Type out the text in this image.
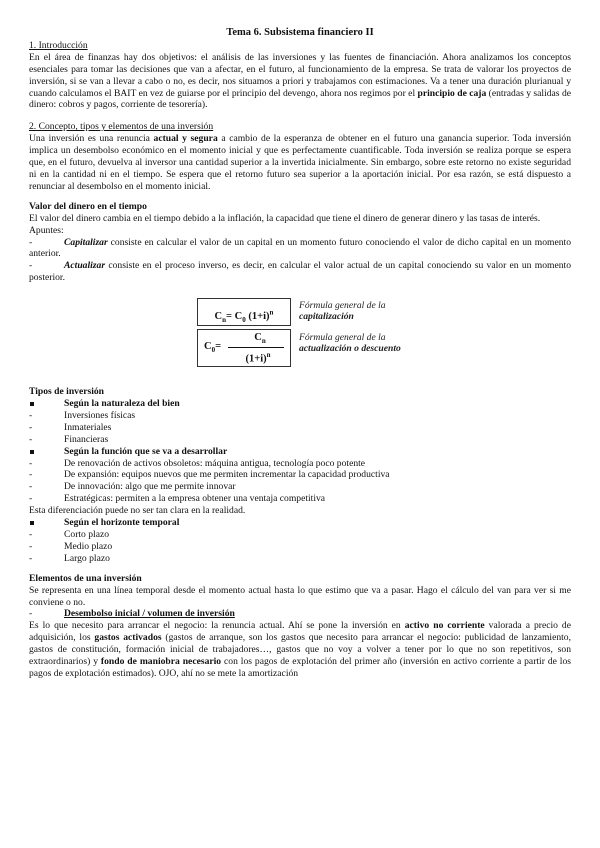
Tema 6. Subsistema financiero II
1. Introducción

En el área de finanzas hay dos objetivos: el análisis de las inversiones y las fuentes de financiación. Ahora analizamos los conceptos esenciales para tomar las decisiones que van a afectar, en el futuro, al funcionamiento de la empresa. Se trata de valorar los proyectos de inversión, si se van a llevar a cabo o no, es decir, nos situamos a priori y trabajamos con estimaciones. Va a tener una duración plurianual y cuando calculamos el BAIT en vez de guiarse por el principio del devengo, ahora nos regimos por el principio de caja (entradas y salidas de dinero: cobros y pagos, corriente de tesorería).

2. Concepto, tipos y elementos de una inversión

Una inversión es una renuncia actual y segura a cambio de la esperanza de obtener en el futuro una ganancia superior. Toda inversión implica un desembolso económico en el momento inicial y que es perfectamente cuantificable. Toda inversión se realiza porque se espera que, en el futuro, devuelva al inversor una cantidad superior a la invertida inicialmente. Sin embargo, sobre este retorno no existe seguridad ni en la cantidad ni en el tiempo. Se espera que el retorno futuro sea superior a la aportación inicial. Por esa razón, se está dispuesto a renunciar al desembolso en el momento inicial.

Valor del dinero en el tiempo

El valor del dinero cambia en el tiempo debido a la inflación, la capacidad que tiene el dinero de generar dinero y las tasas de interés.

Apuntes:
-	Capitalizar consiste en calcular el valor de un capital en un momento futuro conociendo el valor de dicho capital en un momento anterior.

-	Actualizar consiste en el proceso inverso, es decir, en calcular el valor actual de un capital conociendo su valor en un momento posterior.

$C_n= C_0$ $(1+i)^n$
Fórmula general de la
capitalización
$C_0=$
$C_n$
$(1+i)^n$
Fórmula general de la
actualización o descuento
Tipos de inversión
Según la naturaleza del bien
-	Inversiones físicas
-	Inmateriales
-	Financieras
Según la función que se va a desarrollar
-	De renovación de activos obsoletos: máquina antigua, tecnología poco potente
-	De expansión: equipos nuevos que me permiten incrementar la capacidad productiva
-	De innovación: algo que me permite innovar
-	Estratégicas: permiten a la empresa obtener una ventaja competitiva
Esta diferenciación puede no ser tan clara en la realidad.
Según el horizonte temporal
-	Corto plazo
-	Medio plazo
-	Largo plazo
Elementos de una inversión

Se representa en una línea temporal desde el momento actual hasta lo que estimo que va a pasar. Hago el cálculo del van para ver si me conviene o no.

-	Desembolso inicial / volumen de inversión

Es lo que necesito para arrancar el negocio: la renuncia actual. Ahí se pone la inversión en activo no corriente valorada a precio de adquisición, los gastos activados (gastos de arranque, son los gastos que necesito para arrancar el negocio: publicidad de lanzamiento, gastos de constitución, formación inicial de trabajadores…, gastos que no voy a volver a tener por lo que no son repetitivos, son extraordinarios) y fondo de maniobra necesario con los pagos de explotación del primer año (inversión en activo corriente a partir de los pagos de explotación estimados). OJO, ahí no se mete la amortización
